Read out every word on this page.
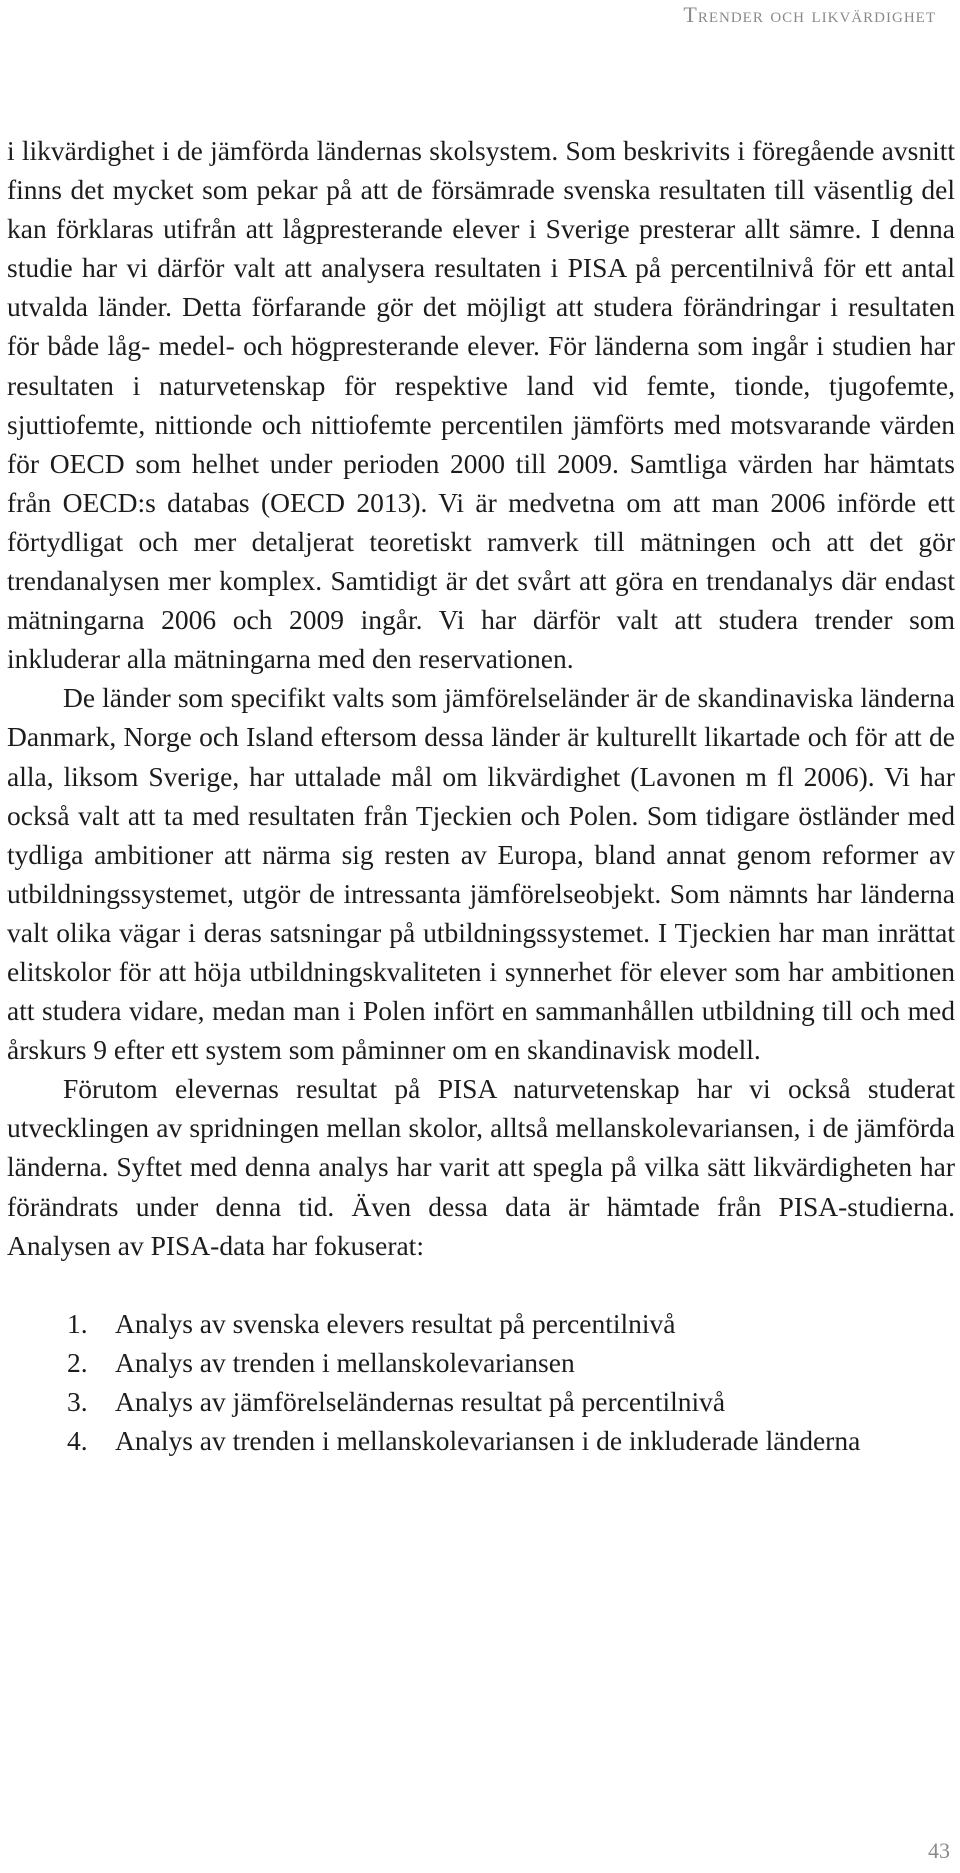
Trender och likvärdighet

i likvärdighet i de jämförda ländernas skolsystem. Som beskrivits i föregående avsnitt finns det mycket som pekar på att de försämrade svenska resultaten till väsentlig del kan förklaras utifrån att lågpresterande elever i Sverige presterar allt sämre. I denna studie har vi därför valt att analysera resultaten i PISA på percentilnivå för ett antal utvalda länder. Detta förfarande gör det möjligt att studera förändringar i resultaten för både låg- medel- och högpresterande elever. För länderna som ingår i studien har resultaten i naturvetenskap för respektive land vid femte, tionde, tjugofemte, sjuttiofemte, nittionde och nittiofemte percentilen jämförts med motsvarande värden för OECD som helhet under perioden 2000 till 2009. Samtliga värden har hämtats från OECD:s databas (OECD 2013). Vi är medvetna om att man 2006 införde ett förtydligat och mer detaljerat teoretiskt ramverk till mätningen och att det gör trendanalysen mer komplex. Samtidigt är det svårt att göra en trendanalys där endast mätningarna 2006 och 2009 ingår. Vi har därför valt att studera trender som inkluderar alla mätningarna med den reservationen.

De länder som specifikt valts som jämförelseländer är de skandinaviska länderna Danmark, Norge och Island eftersom dessa länder är kulturellt likartade och för att de alla, liksom Sverige, har uttalade mål om likvärdighet (Lavonen m fl 2006). Vi har också valt att ta med resultaten från Tjeckien och Polen. Som tidigare östländer med tydliga ambitioner att närma sig resten av Europa, bland annat genom reformer av utbildningssystemet, utgör de intressanta jämförelseobjekt. Som nämnts har länderna valt olika vägar i deras satsningar på utbildningssystemet. I Tjeckien har man inrättat elitskolor för att höja utbildningskvaliteten i synnerhet för elever som har ambitionen att studera vidare, medan man i Polen infört en sammanhållen utbildning till och med årskurs 9 efter ett system som påminner om en skandinavisk modell.

Förutom elevernas resultat på PISA naturvetenskap har vi också studerat utvecklingen av spridningen mellan skolor, alltså mellanskolevariansen, i de jämförda länderna. Syftet med denna analys har varit att spegla på vilka sätt likvärdigheten har förändrats under denna tid. Även dessa data är hämtade från PISA-studierna. Analysen av PISA-data har fokuserat:

1. Analys av svenska elevers resultat på percentilnivå
2. Analys av trenden i mellanskolevariansen
3. Analys av jämförelseländernas resultat på percentilnivå
4. Analys av trenden i mellanskolevariansen i de inkluderade länderna
43
